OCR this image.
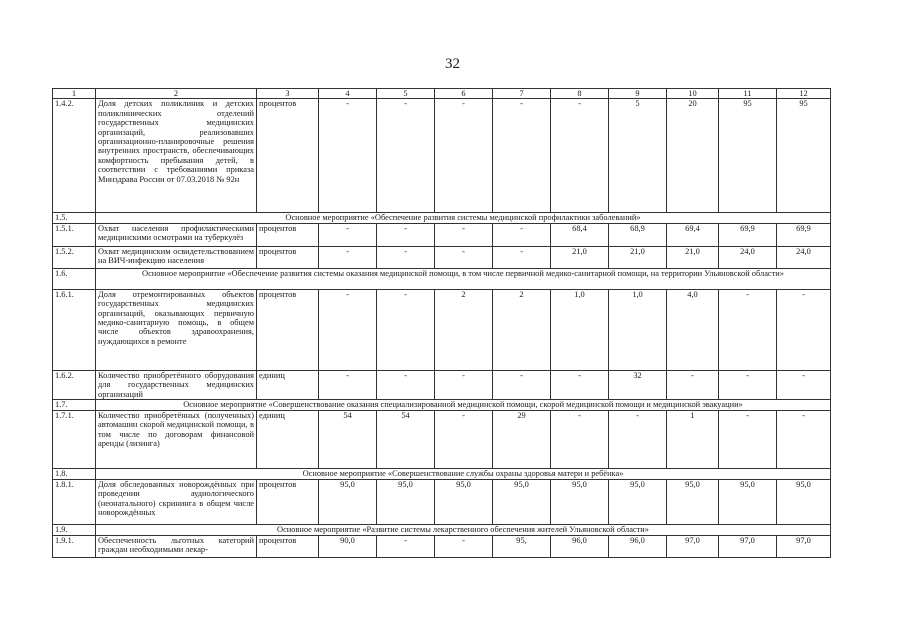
32
1	2	3	4	5	6	7	8	9	10	11	12
1.4.2.	Доля детских поликлиник и детских поликлинических отделений государственных медицинских организаций, реализовавших организационно-планировочные решения внутренних пространств, обеспечивающих комфортность пребывания детей, в соответствии с требованиями приказа Минздрава России от 07.03.2018 № 92н	процентов	-	-	-	-	-	5	20	95	95
1.5.	Основное мероприятие «Обеспечение развития системы медицинской профилактики заболеваний»										
1.5.1.	Охват населения профилактическими медицинскими осмотрами на туберкулёз	процентов	-	-	-	-	68,4	68,9	69,4	69,9	69,9
1.5.2.	Охват медицинским освидетельствованием на ВИЧ-инфекцию населения	процентов	-	-	-	-	21,0	21,0	21,0	24,0	24,0
1.6.	Основное мероприятие «Обеспечение развития системы оказания медицинской помощи, в том числе первичной медико-санитарной помощи, на территории Ульяновской области»										
1.6.1.	Доля отремонтированных объектов государственных медицинских организаций, оказывающих первичную медико-санитарную помощь, в общем числе объектов здравоохранения, нуждающихся в ремонте	процентов	-	-	2	2	1,0	1,0	4,0	-	-
1.6.2.	Количество приобретённого оборудования для государственных медицинских организаций	единиц	-	-	-	-	-	32	-	-	-
1.7.	Основное мероприятие «Совершенствование оказания специализированной медицинской помощи, скорой медицинской помощи и медицинской эвакуации»										
1.7.1.	Количество приобретённых (полученных) автомашин скорой медицинской помощи, в том числе по договорам финансовой аренды (лизинга)	единиц	54	54	-	29	-	-	1	-	-
1.8.	Основное мероприятие «Совершенствование службы охраны здоровья матери и ребёнка»										
1.8.1.	Доля обследованных новорождённых при проведении аудиологического (неонатального) скрининга в общем числе новорождённых	процентов	95,0	95,0	95,0	95,0	95,0	95,0	95,0	95,0	95,0
1.9.	Основное мероприятие «Развитие системы лекарственного обеспечения жителей Ульяновской области»										
1.9.1.	Обеспеченность льготных категорий граждан необходимыми лекар-	процентов	90,0	-	-	95,	96,0	96,0	97,0	97,0	97,0
